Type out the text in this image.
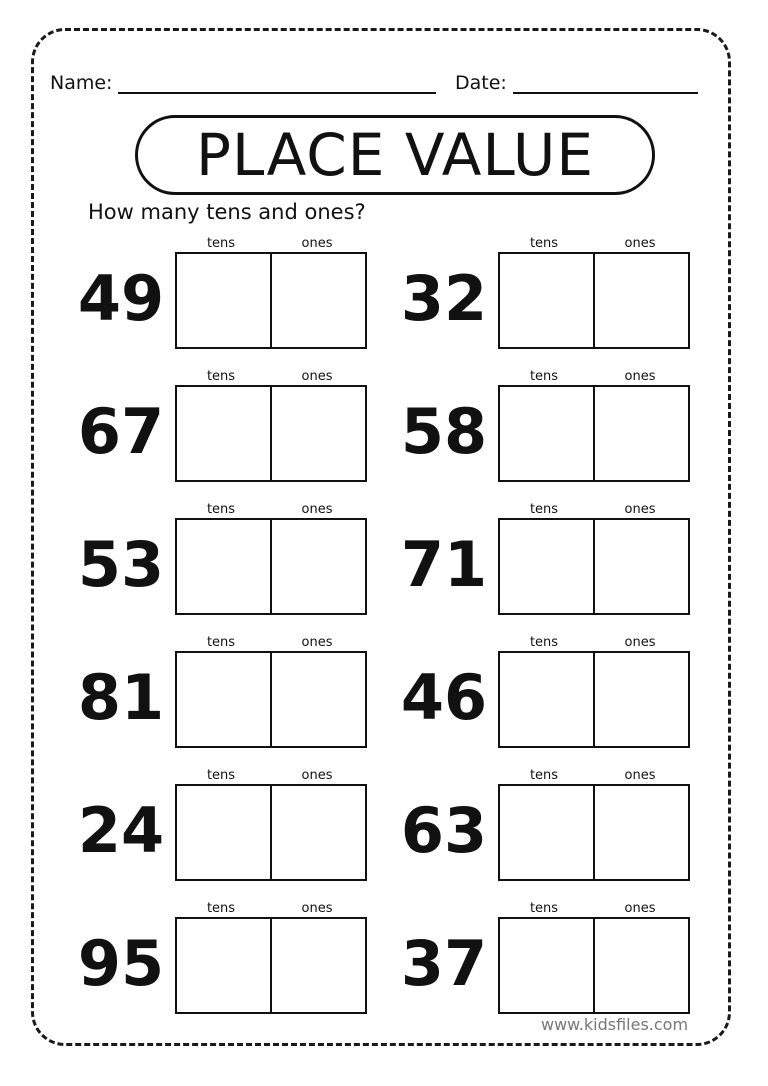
Name:	Date:
PLACE VALUE
How many tens and ones?
49
tens	ones
67
tens	ones
53
tens	ones
81
tens	ones
24
tens	ones
95
tens	ones
32
tens	ones
58
tens	ones
71
tens	ones
46
tens	ones
63
tens	ones
37
tens	ones
www.kidsfiles.com
